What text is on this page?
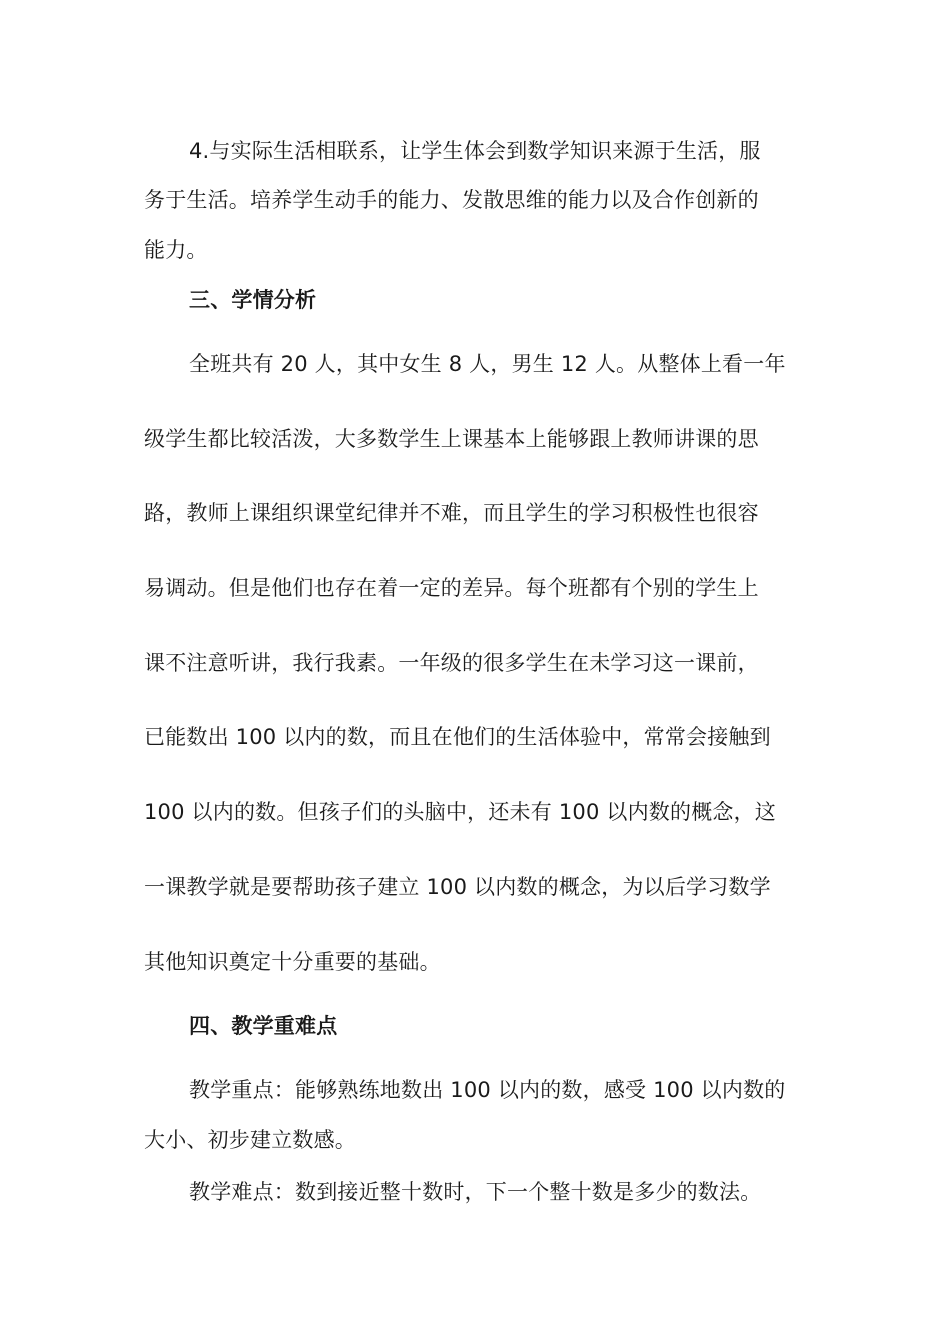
4.与实际生活相联系，让学生体会到数学知识来源于生活，服
务于生活。培养学生动手的能力、发散思维的能力以及合作创新的
能力。
三、学情分析
全班共有 20 人，其中女生 8 人，男生 12 人。从整体上看一年
级学生都比较活泼，大多数学生上课基本上能够跟上教师讲课的思
路，教师上课组织课堂纪律并不难，而且学生的学习积极性也很容
易调动。但是他们也存在着一定的差异。每个班都有个别的学生上
课不注意听讲，我行我素。一年级的很多学生在未学习这一课前，
已能数出 100 以内的数，而且在他们的生活体验中，常常会接触到
100 以内的数。但孩子们的头脑中，还未有 100 以内数的概念，这
一课教学就是要帮助孩子建立 100 以内数的概念，为以后学习数学
其他知识奠定十分重要的基础。
四、教学重难点
教学重点：能够熟练地数出 100 以内的数，感受 100 以内数的
大小、初步建立数感。
教学难点：数到接近整十数时，下一个整十数是多少的数法。
